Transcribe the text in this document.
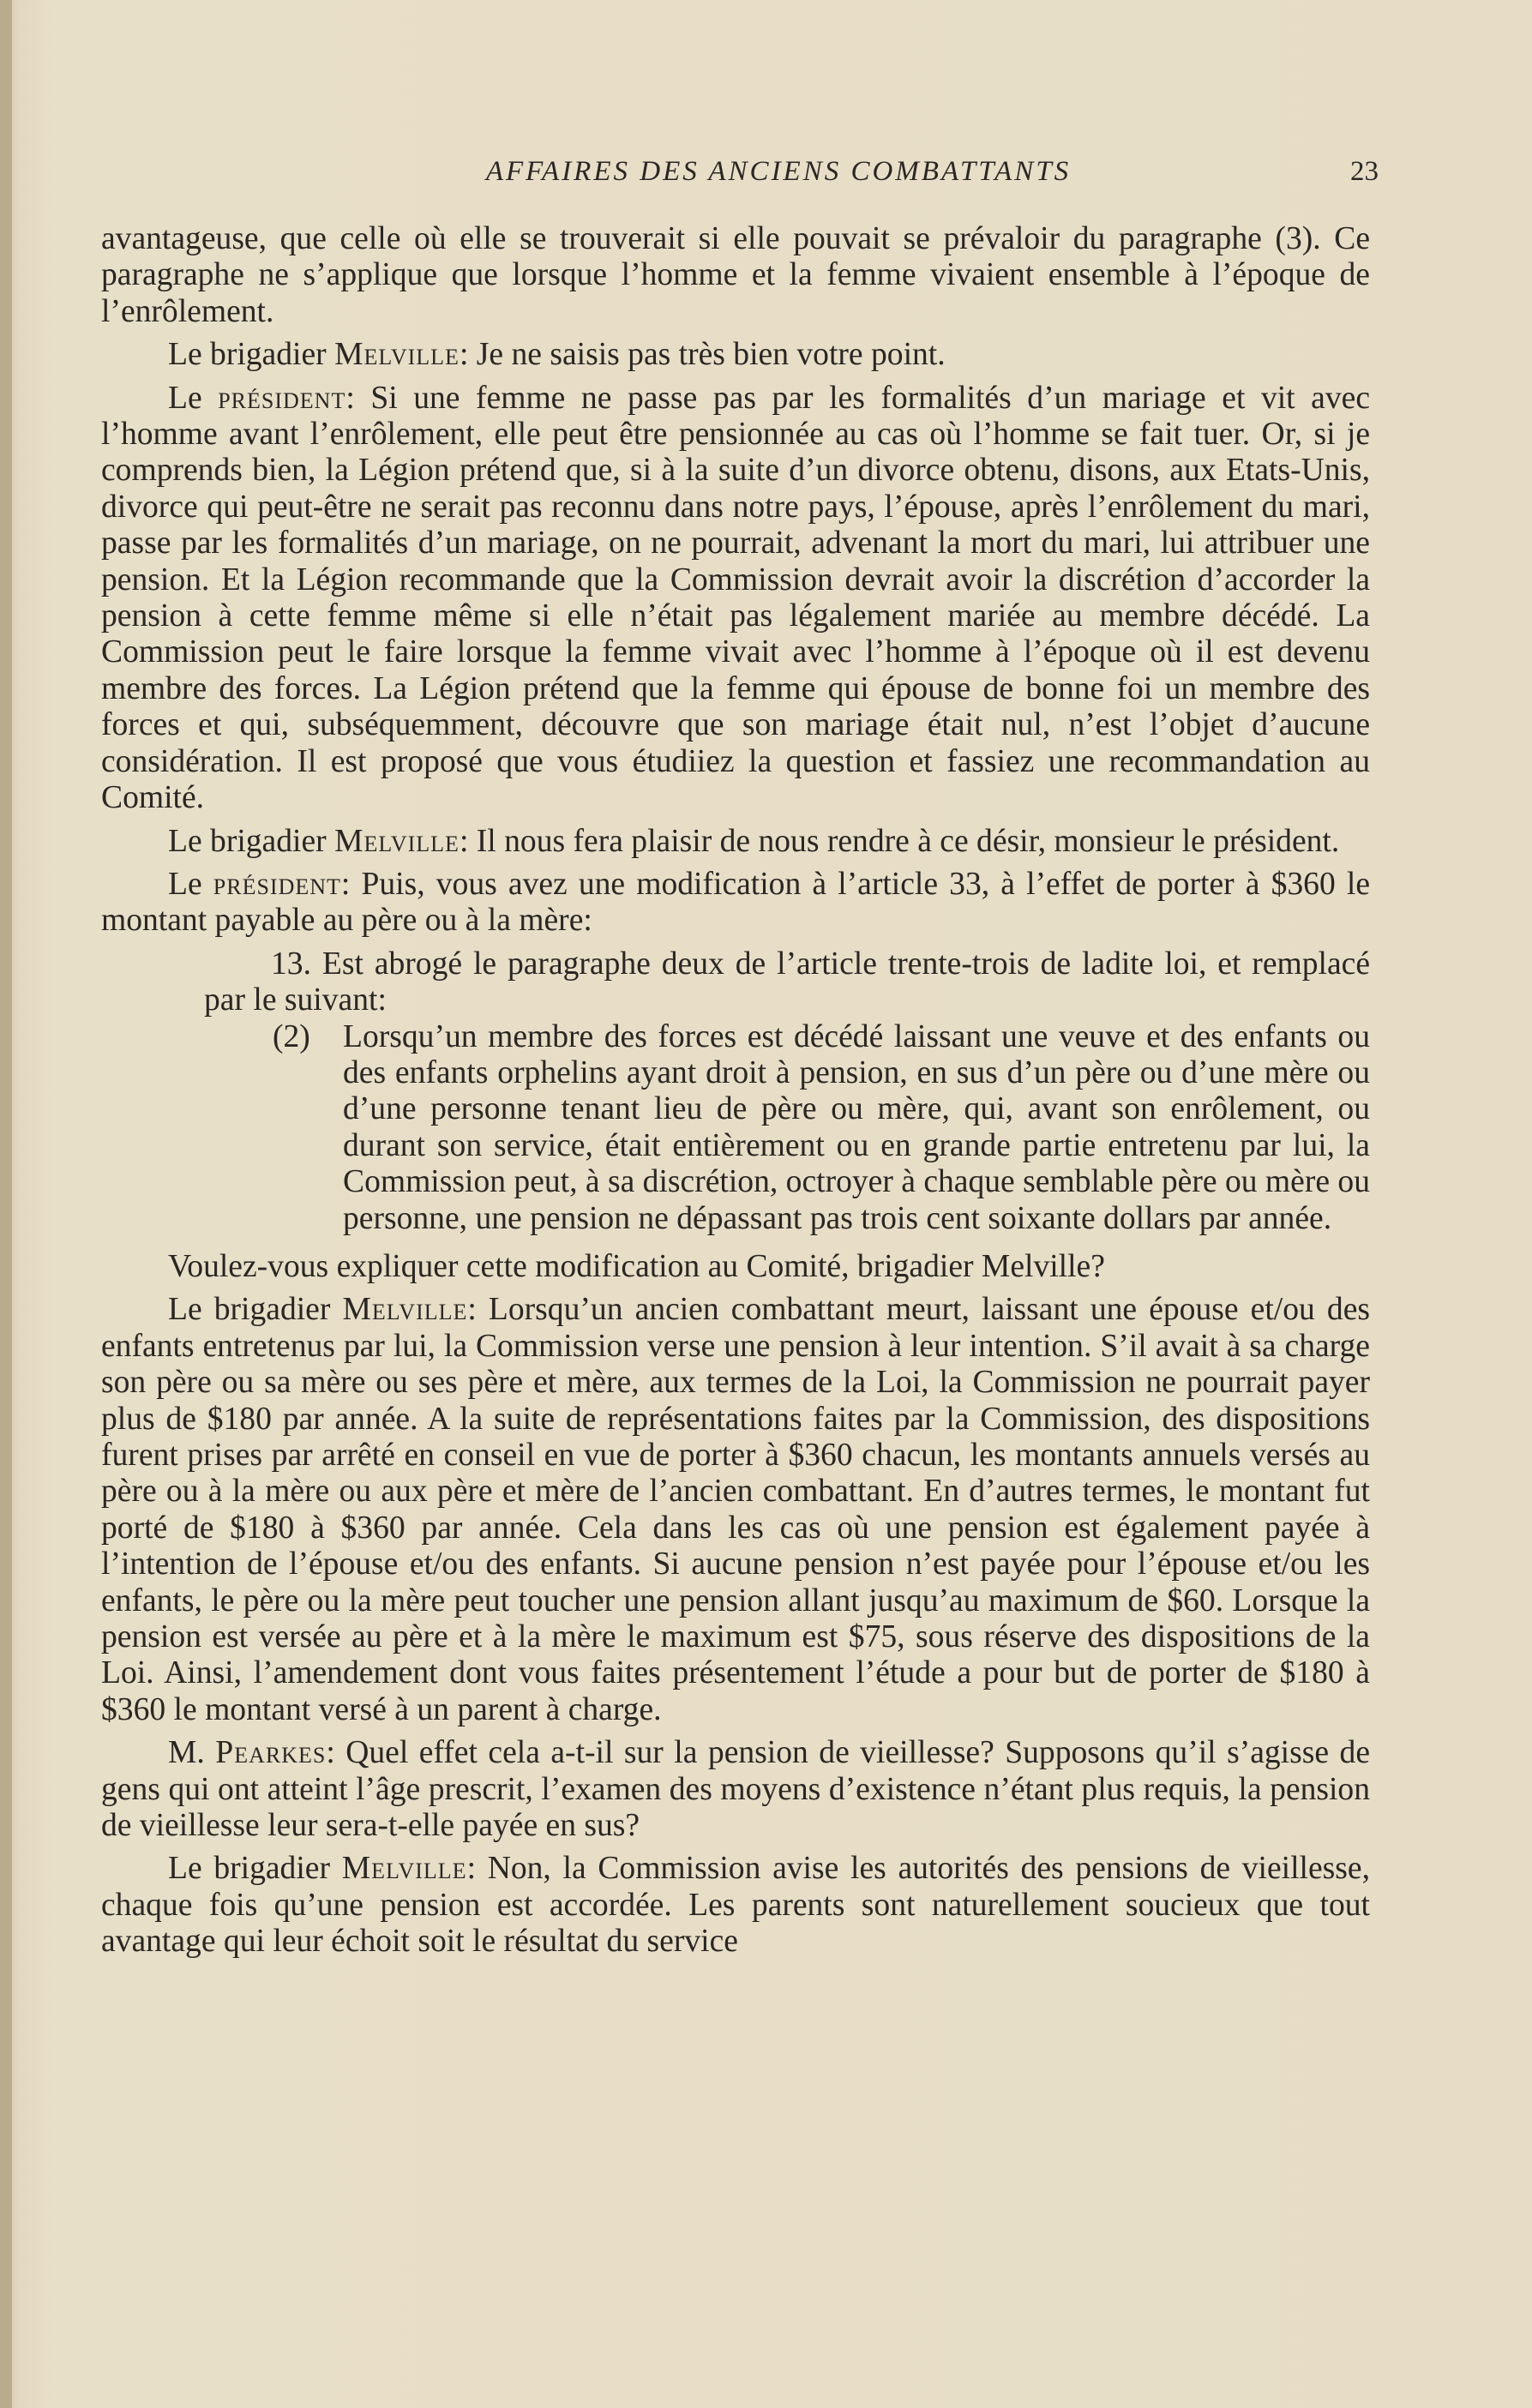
AFFAIRES DES ANCIENS COMBATTANTS	23

avantageuse, que celle où elle se trouverait si elle pouvait se prévaloir du paragraphe (3). Ce paragraphe ne s’applique que lorsque l’homme et la femme vivaient ensemble à l’époque de l’enrôlement.

Le brigadier Melville: Je ne saisis pas très bien votre point.

Le président: Si une femme ne passe pas par les formalités d’un mariage et vit avec l’homme avant l’enrôlement, elle peut être pensionnée au cas où l’homme se fait tuer. Or, si je comprends bien, la Légion prétend que, si à la suite d’un divorce obtenu, disons, aux Etats-Unis, divorce qui peut-être ne serait pas reconnu dans notre pays, l’épouse, après l’enrôlement du mari, passe par les formalités d’un mariage, on ne pourrait, advenant la mort du mari, lui attribuer une pension. Et la Légion recommande que la Commission devrait avoir la discrétion d’accorder la pension à cette femme même si elle n’était pas légalement mariée au membre décédé. La Commission peut le faire lorsque la femme vivait avec l’homme à l’époque où il est devenu membre des forces. La Légion prétend que la femme qui épouse de bonne foi un membre des forces et qui, subséquemment, découvre que son mariage était nul, n’est l’objet d’aucune considération. Il est proposé que vous étudiiez la question et fassiez une recommandation au Comité.

Le brigadier Melville: Il nous fera plaisir de nous rendre à ce désir, monsieur le président.

Le président: Puis, vous avez une modification à l’article 33, à l’effet de porter à $360 le montant payable au père ou à la mère:

13. Est abrogé le paragraphe deux de l’article trente-trois de ladite loi, et remplacé par le suivant:

(2) Lorsqu’un membre des forces est décédé laissant une veuve et des enfants ou des enfants orphelins ayant droit à pension, en sus d’un père ou d’une mère ou d’une personne tenant lieu de père ou mère, qui, avant son enrôlement, ou durant son service, était entièrement ou en grande partie entretenu par lui, la Commission peut, à sa discrétion, octroyer à chaque semblable père ou mère ou personne, une pension ne dépassant pas trois cent soixante dollars par année.

Voulez-vous expliquer cette modification au Comité, brigadier Melville?

Le brigadier Melville: Lorsqu’un ancien combattant meurt, laissant une épouse et/ou des enfants entretenus par lui, la Commission verse une pension à leur intention. S’il avait à sa charge son père ou sa mère ou ses père et mère, aux termes de la Loi, la Commission ne pourrait payer plus de $180 par année. A la suite de représentations faites par la Commission, des dispositions furent prises par arrêté en conseil en vue de porter à $360 chacun, les montants annuels versés au père ou à la mère ou aux père et mère de l’ancien combattant. En d’autres termes, le montant fut porté de $180 à $360 par année. Cela dans les cas où une pension est également payée à l’intention de l’épouse et/ou des enfants. Si aucune pension n’est payée pour l’épouse et/ou les enfants, le père ou la mère peut toucher une pension allant jusqu’au maximum de $60. Lorsque la pension est versée au père et à la mère le maximum est $75, sous réserve des dispositions de la Loi. Ainsi, l’amendement dont vous faites présentement l’étude a pour but de porter de $180 à $360 le montant versé à un parent à charge.

M. Pearkes: Quel effet cela a-t-il sur la pension de vieillesse? Supposons qu’il s’agisse de gens qui ont atteint l’âge prescrit, l’examen des moyens d’existence n’étant plus requis, la pension de vieillesse leur sera-t-elle payée en sus?

Le brigadier Melville: Non, la Commission avise les autorités des pensions de vieillesse, chaque fois qu’une pension est accordée. Les parents sont naturellement soucieux que tout avantage qui leur échoit soit le résultat du service
